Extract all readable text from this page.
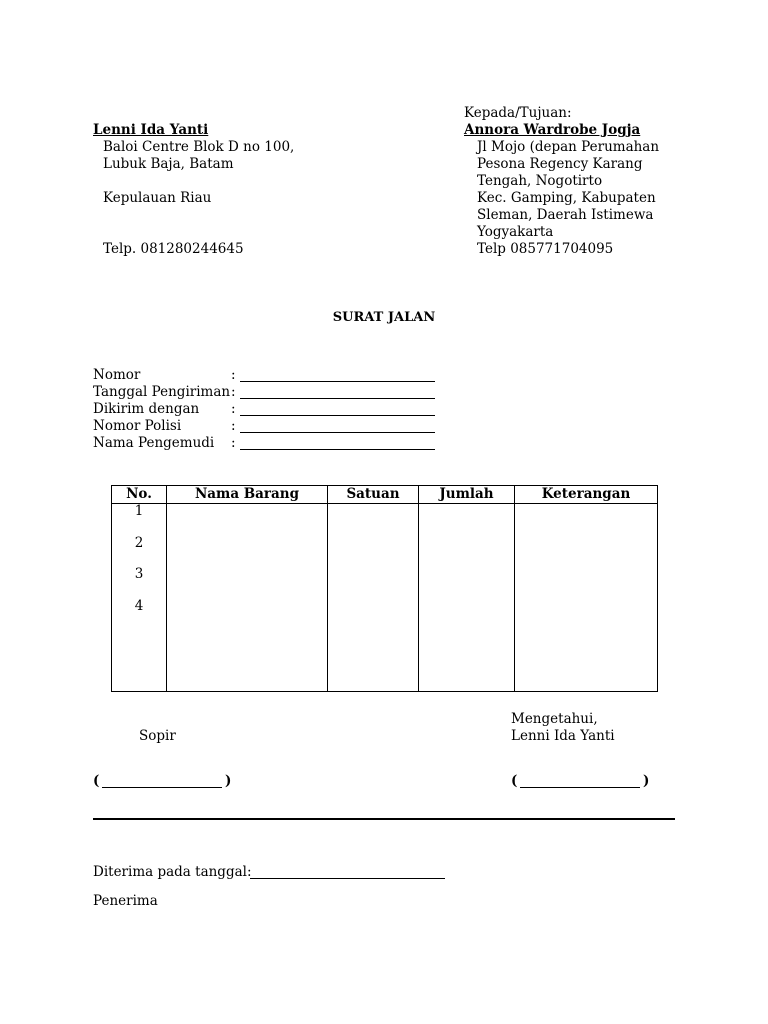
Kepada/Tujuan:
Lenni Ida Yanti
Baloi Centre Blok D no 100,
Lubuk Baja, Batam
Kepulauan Riau
Telp. 081280244645
Annora Wardrobe Jogja
Jl Mojo (depan Perumahan
Pesona Regency Karang
Tengah, Nogotirto
Kec. Gamping, Kabupaten
Sleman, Daerah Istimewa
Yogyakarta
Telp 085771704095
SURAT JALAN
Nomor	:
Tanggal Pengiriman :
Dikirim dengan :
Nomor Polisi	:
Nama Pengemudi :
No.	Nama Barang	Satuan	Jumlah	Keterangan

1
2
3
4				

Mengetahui,
Sopir	Lenni Ida Yanti
(	)	(	)
Diterima pada tanggal:
Penerima
